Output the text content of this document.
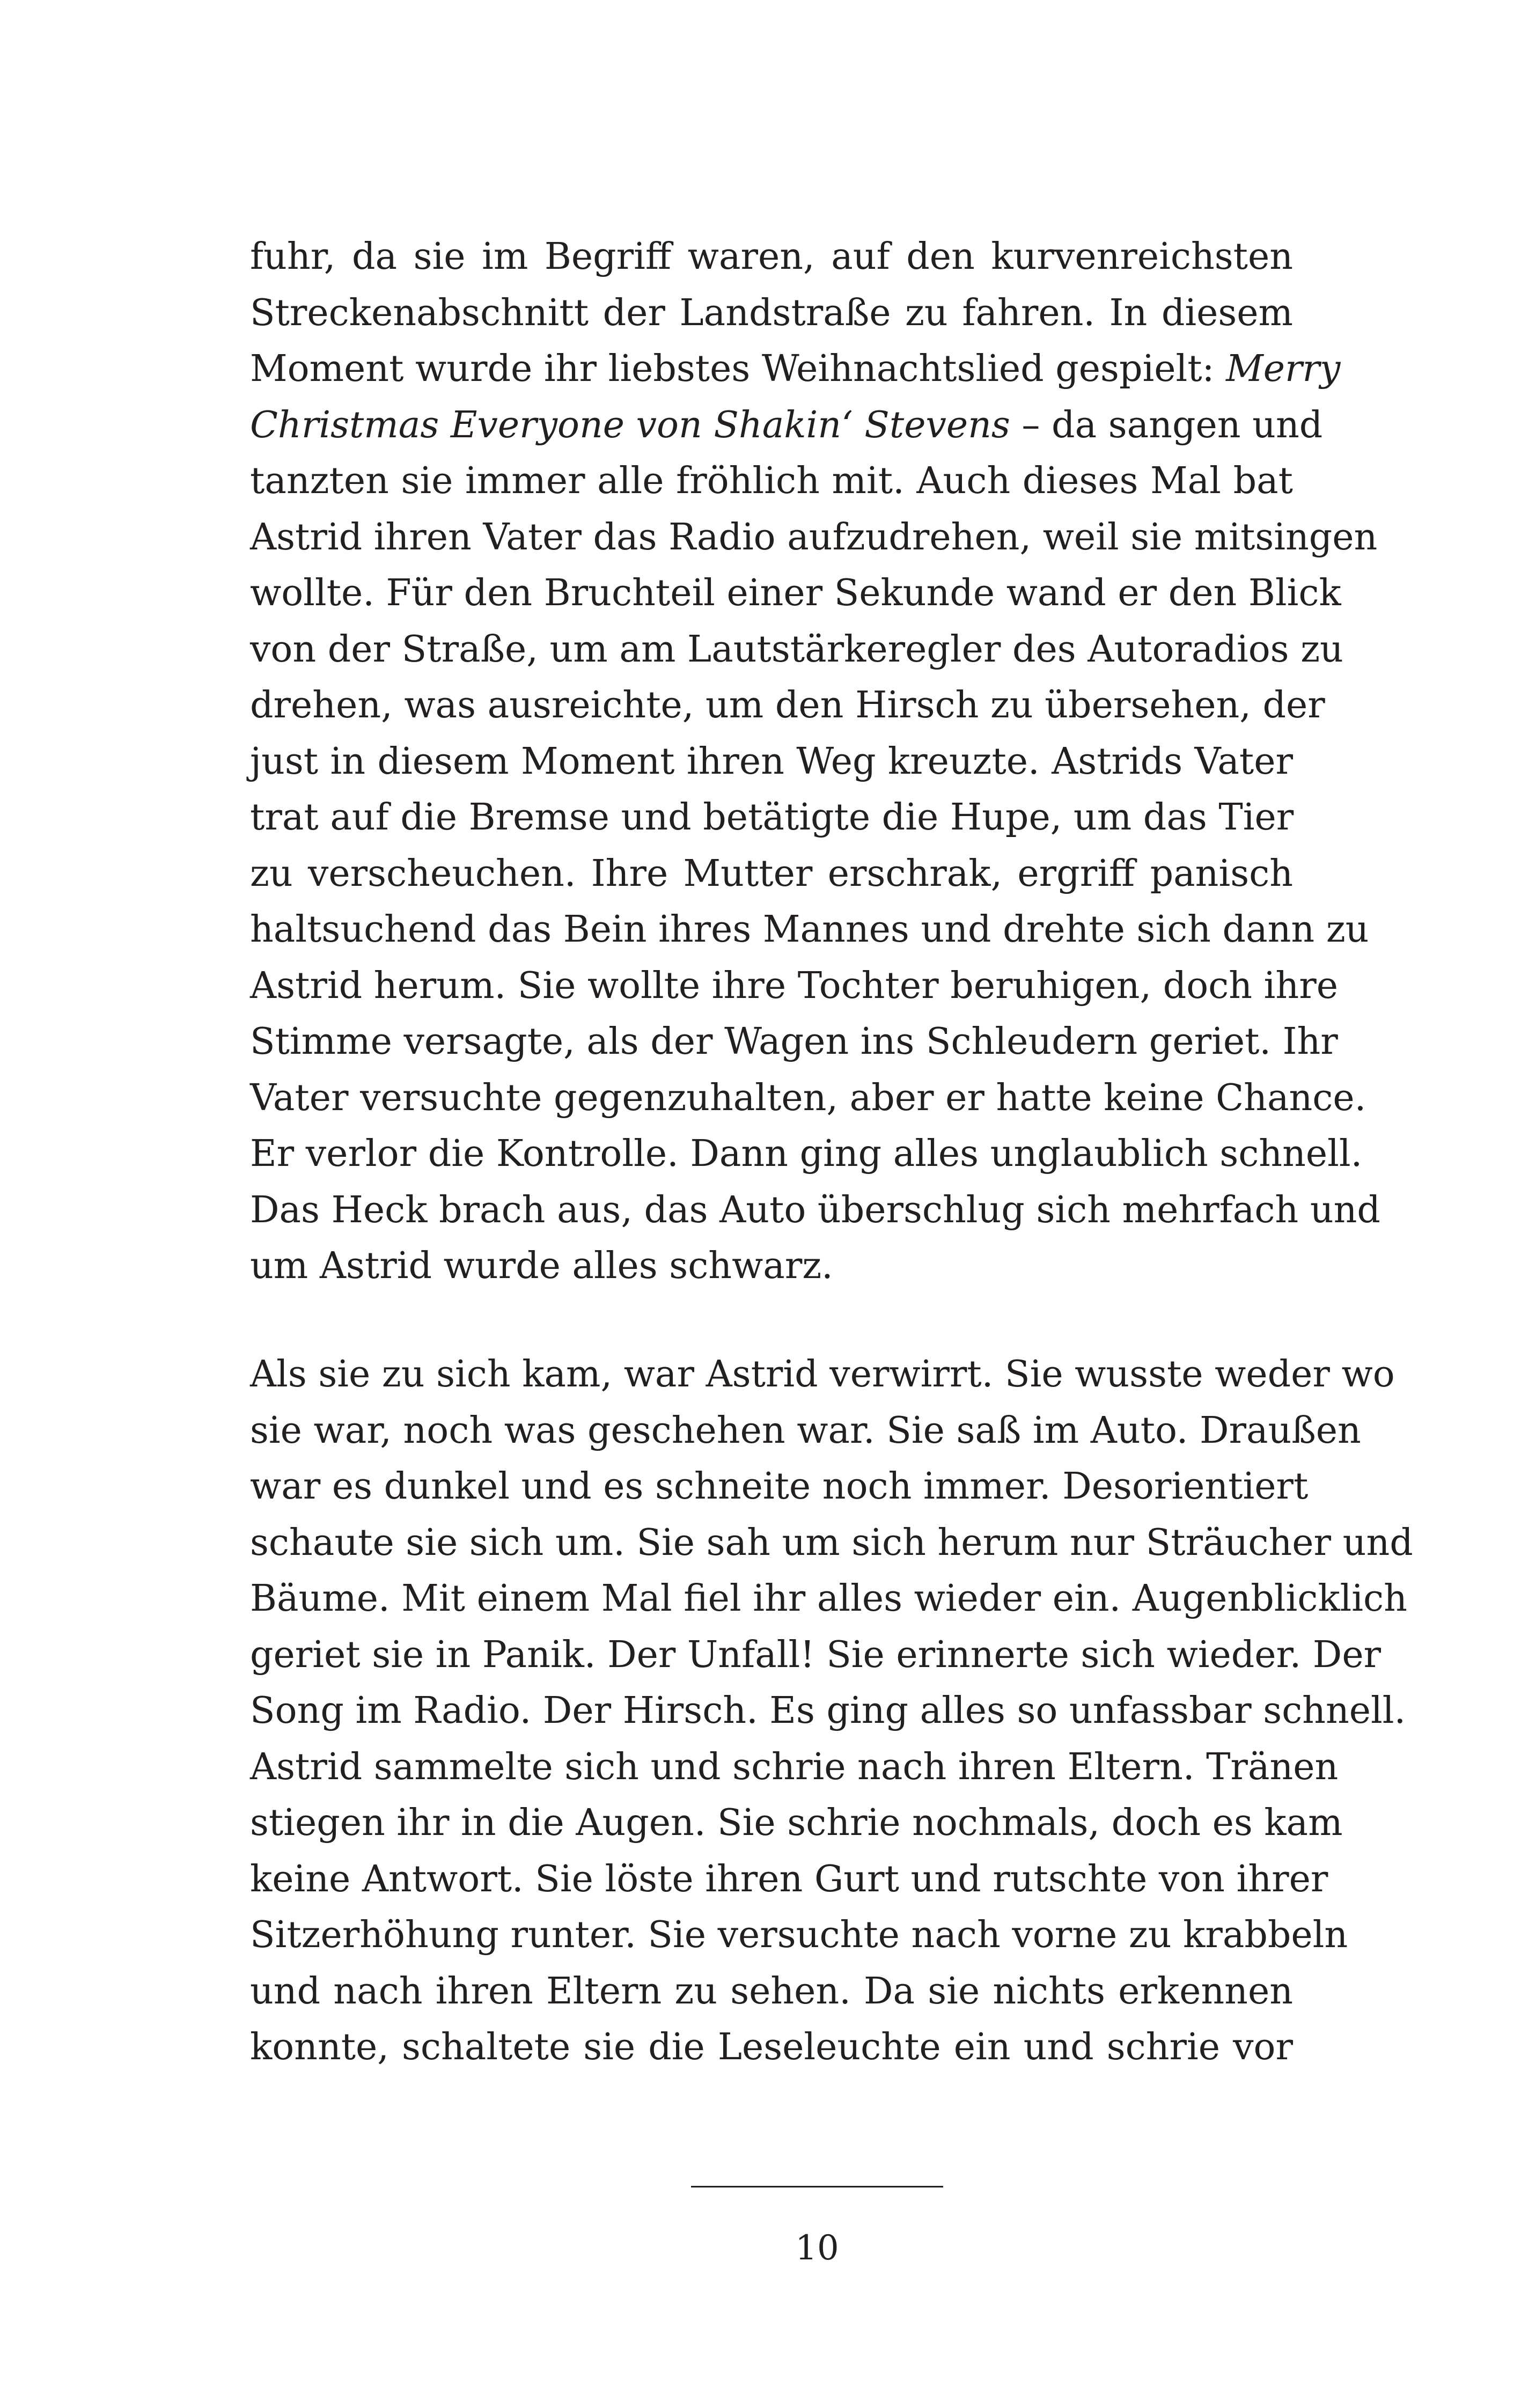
fuhr, da sie im Begriff waren, auf den kurvenreichsten
Streckenabschnitt der Landstraße zu fahren. In diesem
Moment wurde ihr liebstes Weihnachtslied gespielt: Merry
Christmas Everyone von Shakin‘ Stevens – da sangen und
tanzten sie immer alle fröhlich mit. Auch dieses Mal bat
Astrid ihren Vater das Radio aufzudrehen, weil sie mitsingen
wollte. Für den Bruchteil einer Sekunde wand er den Blick
von der Straße, um am Lautstärkeregler des Autoradios zu
drehen, was ausreichte, um den Hirsch zu übersehen, der
just in diesem Moment ihren Weg kreuzte. Astrids Vater
trat auf die Bremse und betätigte die Hupe, um das Tier
zu verscheuchen. Ihre Mutter erschrak, ergriff panisch
haltsuchend das Bein ihres Mannes und drehte sich dann zu
Astrid herum. Sie wollte ihre Tochter beruhigen, doch ihre
Stimme versagte, als der Wagen ins Schleudern geriet. Ihr
Vater versuchte gegenzuhalten, aber er hatte keine Chance.
Er verlor die Kontrolle. Dann ging alles unglaublich schnell.
Das Heck brach aus, das Auto überschlug sich mehrfach und
um Astrid wurde alles schwarz.
Als sie zu sich kam, war Astrid verwirrt. Sie wusste weder wo
sie war, noch was geschehen war. Sie saß im Auto. Draußen
war es dunkel und es schneite noch immer. Desorientiert
schaute sie sich um. Sie sah um sich herum nur Sträucher und
Bäume. Mit einem Mal fiel ihr alles wieder ein. Augenblicklich
geriet sie in Panik. Der Unfall! Sie erinnerte sich wieder. Der
Song im Radio. Der Hirsch. Es ging alles so unfassbar schnell.
Astrid sammelte sich und schrie nach ihren Eltern. Tränen
stiegen ihr in die Augen. Sie schrie nochmals, doch es kam
keine Antwort. Sie löste ihren Gurt und rutschte von ihrer
Sitzerhöhung runter. Sie versuchte nach vorne zu krabbeln
und nach ihren Eltern zu sehen. Da sie nichts erkennen
konnte, schaltete sie die Leseleuchte ein und schrie vor
10
